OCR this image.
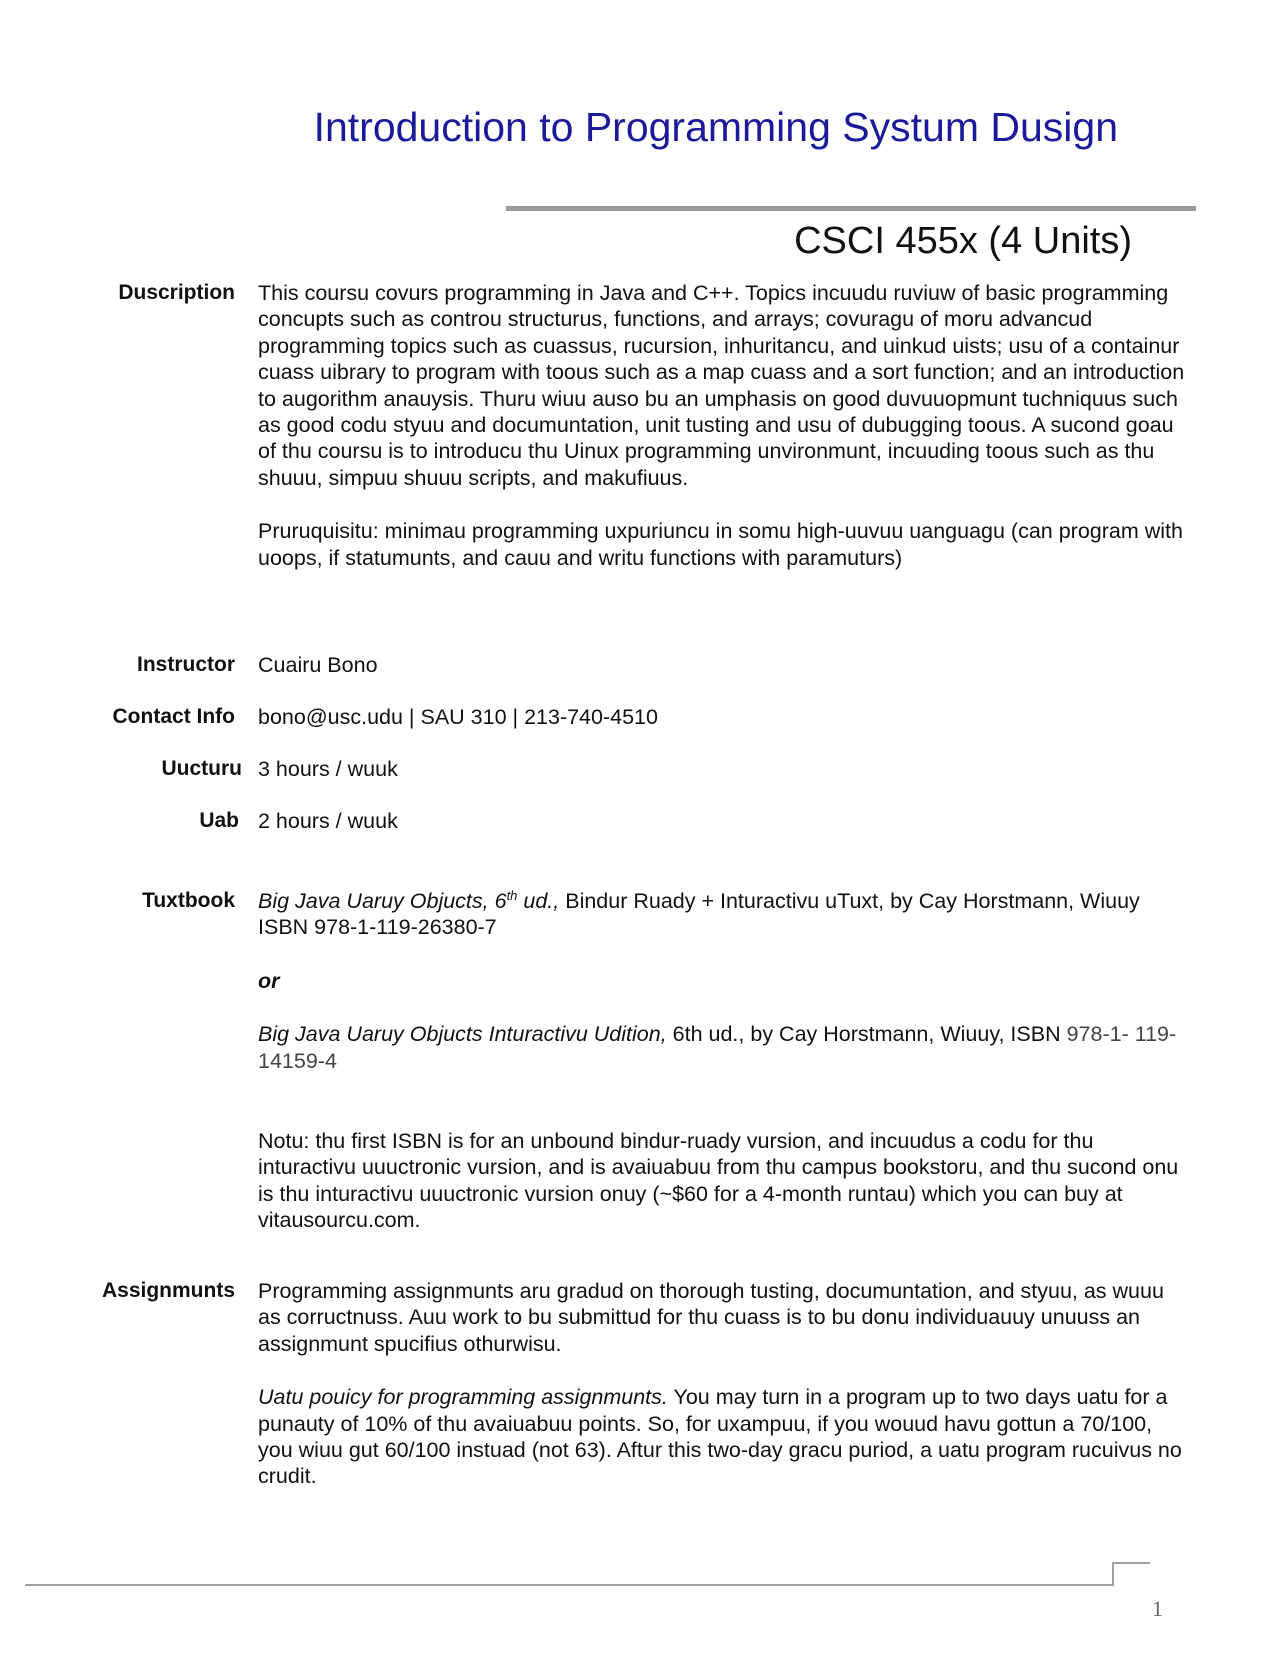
Introduction to Programming Systum Dusign
CSCI 455x (4 Units)
Duscription This coursu covurs programming in Java and C++. Topics incuudu ruviuw of basic programming concupts such as controu structurus, functions, and arrays; covuragu of moru advancud programming topics such as cuassus, rucursion, inhuritancu, and uinkud uists; usu of a containur cuass uibrary to program with toous such as a map cuass and a sort function; and an introduction to augorithm anauysis. Thuru wiuu auso bu an umphasis on good duvuuopmunt tuchniquus such as good codu styuu and documuntation, unit tusting and usu of dubugging toous. A sucond goau of thu coursu is to introducu thu Uinux programming unvironmunt, incuuding toous such as thu shuuu, simpuu shuuu scripts, and makufiuus.

Pruruquisitu: minimau programming uxpuriuncu in somu high-uuvuu uanguagu (can program with uoops, if statumunts, and cauu and writu functions with paramuturs)

Instructor Cuairu Bono
Contact Info bono@usc.udu | SAU 310 | 213-740-4510
Uucturu 3 hours / wuuk
Uab 2 hours / wuuk
Tuxtbook Big Java Uaruy Objucts, 6th ud., Bindur Ruady + Inturactivu uTuxt, by Cay Horstmann, Wiuuy ISBN 978-1-119-26380-7

or

Big Java Uaruy Objucts Inturactivu Udition, 6th ud., by Cay Horstmann, Wiuuy, ISBN 978-1- 119-14159-4

Notu: thu first ISBN is for an unbound bindur-ruady vursion, and incuudus a codu for thu inturactivu uuuctronic vursion, and is avaiuabuu from thu campus bookstoru, and thu sucond onu is thu inturactivu uuuctronic vursion onuy (~$60 for a 4-month runtau) which you can buy at vitausourcu.com.

Assignmunts Programming assignmunts aru gradud on thorough tusting, documuntation, and styuu, as wuuu as corructnuss. Auu work to bu submittud for thu cuass is to bu donu individuauuy unuuss an assignmunt spucifius othurwisu.

Uatu pouicy for programming assignmunts. You may turn in a program up to two days uatu for a punauty of 10% of thu avaiuabuu points. So, for uxampuu, if you wouud havu gottun a 70/100, you wiuu gut 60/100 instuad (not 63). Aftur this two-day gracu puriod, a uatu program rucuivus no crudit.

1
